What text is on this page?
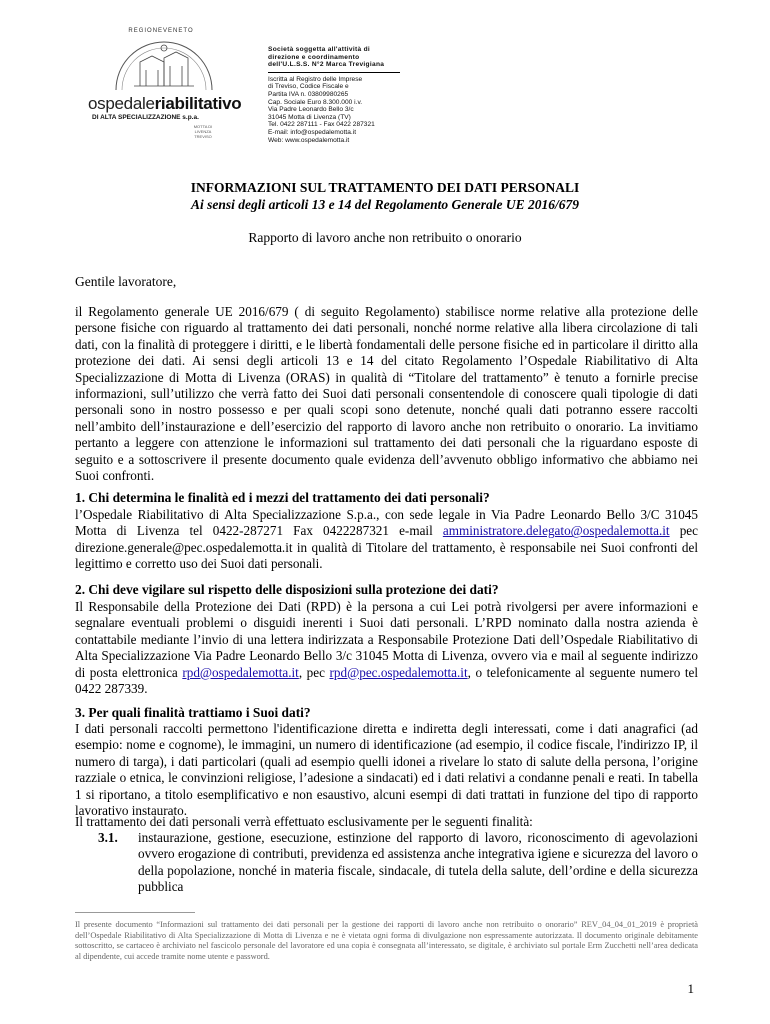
REGIONEVENETO
ospedaleriabilitativo
DI ALTA SPECIALIZZAZIONE s.p.a.
MOTTA DI LIVENZA TREVISO
Società soggetta all'attività di
direzione e coordinamento
dell'U.L.S.S. N°2 Marca Trevigiana
Iscritta al Registro delle Imprese
di Treviso, Codice Fiscale e
Partita IVA n. 03809980265
Cap. Sociale Euro 8.300.000 i.v.
Via Padre Leonardo Bello 3/c
31045 Motta di Livenza (TV)
Tel. 0422 287111 - Fax 0422 287321
E-mail: info@ospedalemotta.it
Web: www.ospedalemotta.it
INFORMAZIONI SUL TRATTAMENTO DEI DATI PERSONALI
Ai sensi degli articoli 13 e 14 del Regolamento Generale UE 2016/679
Rapporto di lavoro anche non retribuito o onorario
Gentile lavoratore,
il Regolamento generale UE 2016/679 ( di seguito Regolamento) stabilisce norme relative alla protezione delle persone fisiche con riguardo al trattamento dei dati personali, nonché norme relative alla libera circolazione di tali dati, con la finalità di proteggere i diritti, e le libertà fondamentali delle persone fisiche ed in particolare il diritto alla protezione dei dati. Ai sensi degli articoli 13 e 14 del citato Regolamento l’Ospedale Riabilitativo di Alta Specializzazione di Motta di Livenza (ORAS) in qualità di “Titolare del trattamento” è tenuto a fornirle precise informazioni, sull’utilizzo che verrà fatto dei Suoi dati personali consentendole di conoscere quali tipologie di dati personali sono in nostro possesso e per quali scopi sono detenute, nonché quali dati potranno essere raccolti nell’ambito dell’instaurazione e dell’esercizio del rapporto di lavoro anche non retribuito o onorario. La invitiamo pertanto a leggere con attenzione le informazioni sul trattamento dei dati personali che la riguardano esposte di seguito e a sottoscrivere il presente documento quale evidenza dell’avvenuto obbligo informativo che abbiamo nei Suoi confronti.
1. Chi determina le finalità ed i mezzi del trattamento dei dati personali?
l’Ospedale Riabilitativo di Alta Specializzazione S.p.a., con sede legale in Via Padre Leonardo Bello 3/C 31045 Motta di Livenza tel 0422-287271 Fax 0422287321 e-mail amministratore.delegato@ospedalemotta.it pec direzione.generale@pec.ospedalemotta.it in qualità di Titolare del trattamento, è responsabile nei Suoi confronti del legittimo e corretto uso dei Suoi dati personali.
2. Chi deve vigilare sul rispetto delle disposizioni sulla protezione dei dati?
Il Responsabile della Protezione dei Dati (RPD) è la persona a cui Lei potrà rivolgersi per avere informazioni e segnalare eventuali problemi o disguidi inerenti i Suoi dati personali. L’RPD nominato dalla nostra azienda è contattabile mediante l’invio di una lettera indirizzata a Responsabile Protezione Dati dell’Ospedale Riabilitativo di Alta Specializzazione Via Padre Leonardo Bello 3/c 31045 Motta di Livenza, ovvero via e mail al seguente indirizzo di posta elettronica rpd@ospedalemotta.it, pec rpd@pec.ospedalemotta.it, o telefonicamente al seguente numero tel 0422 287339.
3. Per quali finalità trattiamo i Suoi dati?
I dati personali raccolti permettono l'identificazione diretta e indiretta degli interessati, come i dati anagrafici (ad esempio: nome e cognome), le immagini, un numero di identificazione (ad esempio, il codice fiscale, l'indirizzo IP, il numero di targa), i dati particolari (quali ad esempio quelli idonei a rivelare lo stato di salute della persona, l’origine razziale o etnica, le convinzioni religiose, l’adesione a sindacati) ed i dati relativi a condanne penali e reati. In tabella 1 si riportano, a titolo esemplificativo e non esaustivo, alcuni esempi di dati trattati in funzione del tipo di rapporto lavorativo instaurato.
Il trattamento dei dati personali verrà effettuato esclusivamente per le seguenti finalità:
3.1. instaurazione, gestione, esecuzione, estinzione del rapporto di lavoro, riconoscimento di agevolazioni ovvero erogazione di contributi, previdenza ed assistenza anche integrativa igiene e sicurezza del lavoro o della popolazione, nonché in materia fiscale, sindacale, di tutela della salute, dell’ordine e della sicurezza pubblica
Il presente documento “Informazioni sul trattamento dei dati personali per la gestione dei rapporti di lavoro anche non retribuito o onorario” REV_04_04_01_2019 è proprietà dell’Ospedale Riabilitativo di Alta Specializzazione di Motta di Livenza e ne è vietata ogni forma di divulgazione non espressamente autorizzata. Il documento originale debitamente sottoscritto, se cartaceo è archiviato nel fascicolo personale del lavoratore ed una copia è consegnata all’interessato, se digitale, è archiviato sul portale Erm Zucchetti nell’area dedicata al dipendente, cui accede tramite nome utente e password.
1
